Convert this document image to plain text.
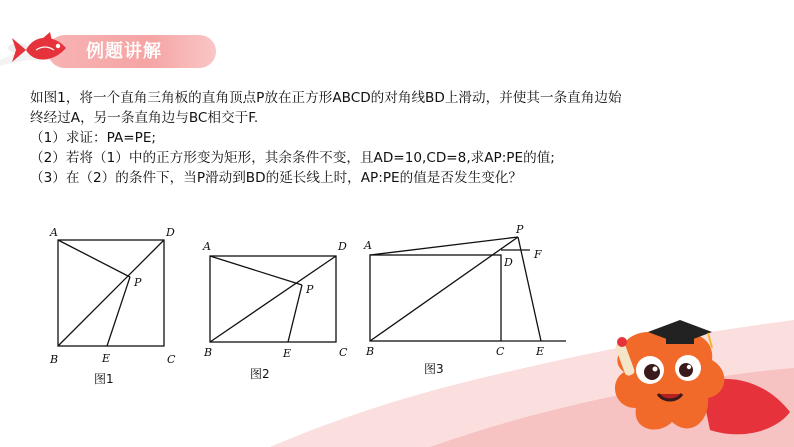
例题讲解

如图1，将一个直角三角板的直角顶点P放在正方形ABCD的对角线BD上滑动，并使其一条直角边始

终经过A，另一条直角边与BC相交于F.

（1）求证：PA=PE;

（2）若将（1）中的正方形变为矩形，其余条件不变，且AD=10,CD=8,求AP:PE的值;

（3）在（2）的条件下，当P滑动到BD的延长线上时，AP:PE的值是否发生变化？

A	D
P
B	E	C
图1
A	D
P
B	E	C
图2
A
P
D
F
B	C	E
图3
